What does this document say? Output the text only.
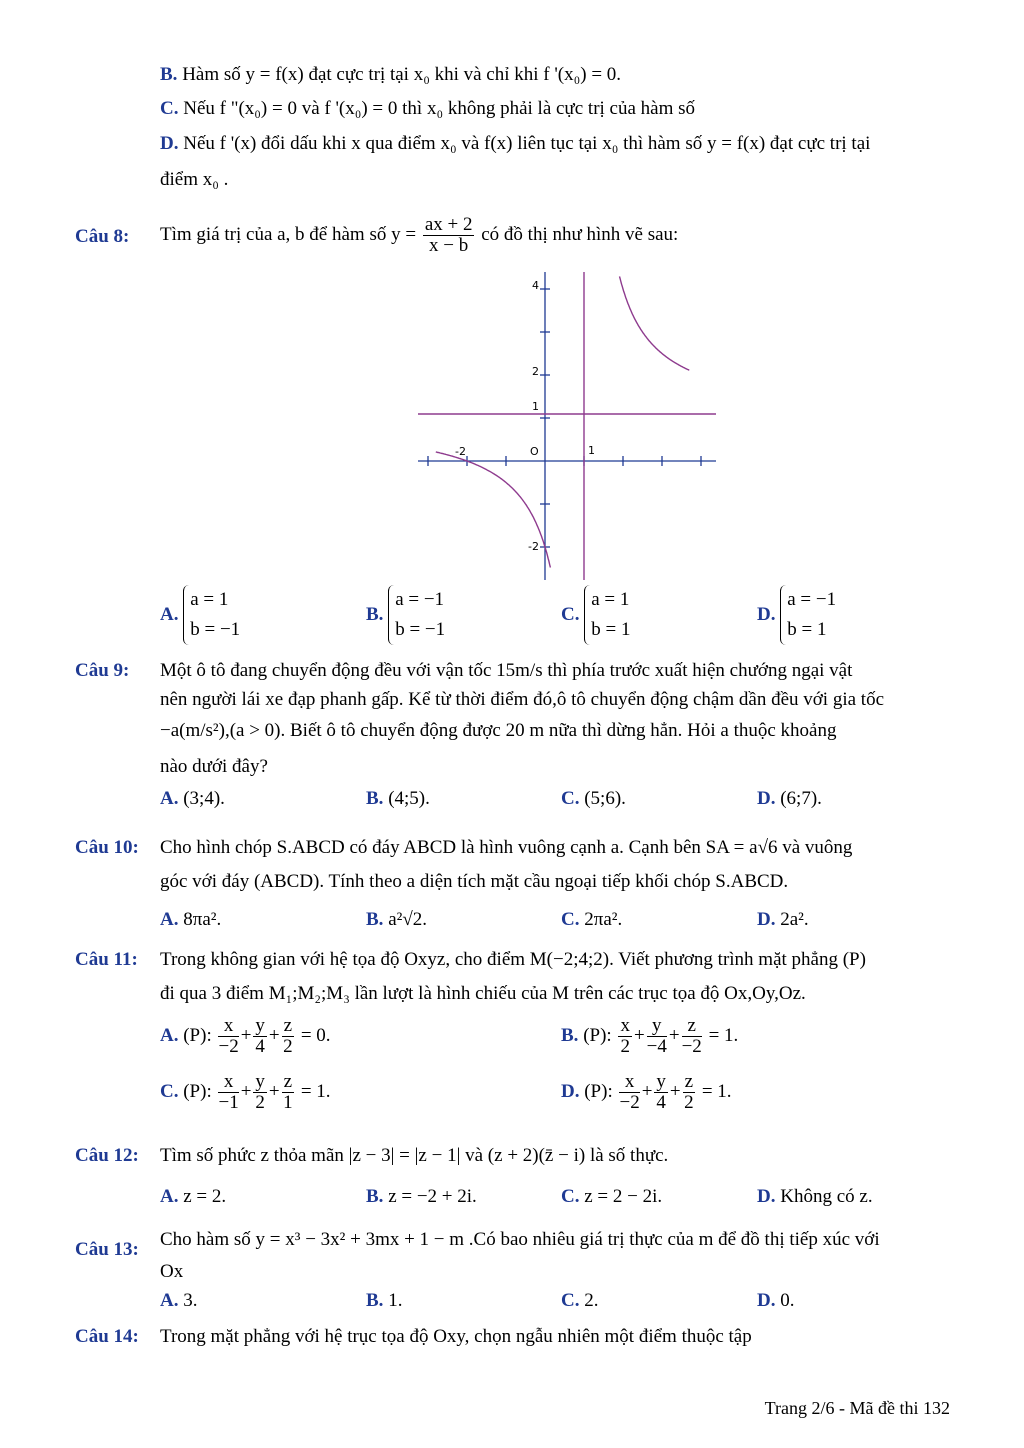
B. Hàm số y = f(x) đạt cực trị tại x₀ khi và chỉ khi f '(x₀) = 0.
C. Nếu f "(x₀) = 0 và f '(x₀) = 0 thì x₀ không phải là cực trị của hàm số
D. Nếu f '(x) đổi dấu khi x qua điểm x₀ và f(x) liên tục tại x₀ thì hàm số y = f(x) đạt cực trị tại
điểm x₀ .
Câu 8: Tìm giá trị của a, b để hàm số $y = \frac{ax + 2}{x - b}$ có đồ thị như hình vẽ sau:
4
2
1
-2	O	1
-2
A.
a = 1
b = −1
B.
a = −1
b = −1
C.
a = 1
b = 1
D.
a = −1
b = 1
Câu 9: Một ô tô đang chuyển động đều với vận tốc 15m/s thì phía trước xuất hiện chướng ngại vật
nên người lái xe đạp phanh gấp. Kể từ thời điểm đó,ô tô chuyển động chậm dần đều với gia tốc
−a(m/s²),(a > 0). Biết ô tô chuyển động được 20 m nữa thì dừng hẳn. Hỏi a thuộc khoảng
nào dưới đây?
A. (3;4).	B. (4;5).	C. (5;6).	D. (6;7).
Câu 10: Cho hình chóp S.ABCD có đáy ABCD là hình vuông cạnh a. Cạnh bên SA = a√6 và vuông
góc với đáy (ABCD). Tính theo a diện tích mặt cầu ngoại tiếp khối chóp S.ABCD.
A. 8πa².	B. a²√2.	C. 2πa².	D. 2a².
Câu 11: Trong không gian với hệ tọa độ Oxyz, cho điểm M(−2;4;2). Viết phương trình mặt phẳng (P)
đi qua 3 điểm M₁;M₂;M₃ lần lượt là hình chiếu của M trên các trục tọa độ Ox,Oy,Oz.
A. (P): $\frac{x}{-2} + \frac{y}{4} + \frac{z}{2} = 0$.	B. (P): $\frac{x}{2} + \frac{y}{-4} + \frac{z}{-2} = 1$.
C. (P): $\frac{x}{-1} + \frac{y}{2} + \frac{z}{1} = 1$.	D. (P): $\frac{x}{-2} + \frac{y}{4} + \frac{z}{2} = 1$.
Câu 12: Tìm số phức z thỏa mãn |z − 3| = |z − 1| và (z + 2)(z̄ − i) là số thực.
A. z = 2.	B. z = −2 + 2i.	C. z = 2 − 2i.	D. Không có z.
Câu 13: Cho hàm số y = x³ − 3x² + 3mx + 1 − m .Có bao nhiêu giá trị thực của m để đồ thị tiếp xúc với
Ox
A. 3.	B. 1.	C. 2.	D. 0.
Câu 14: Trong mặt phẳng với hệ trục tọa độ Oxy, chọn ngẫu nhiên một điểm thuộc tập
Trang 2/6 - Mã đề thi 132
